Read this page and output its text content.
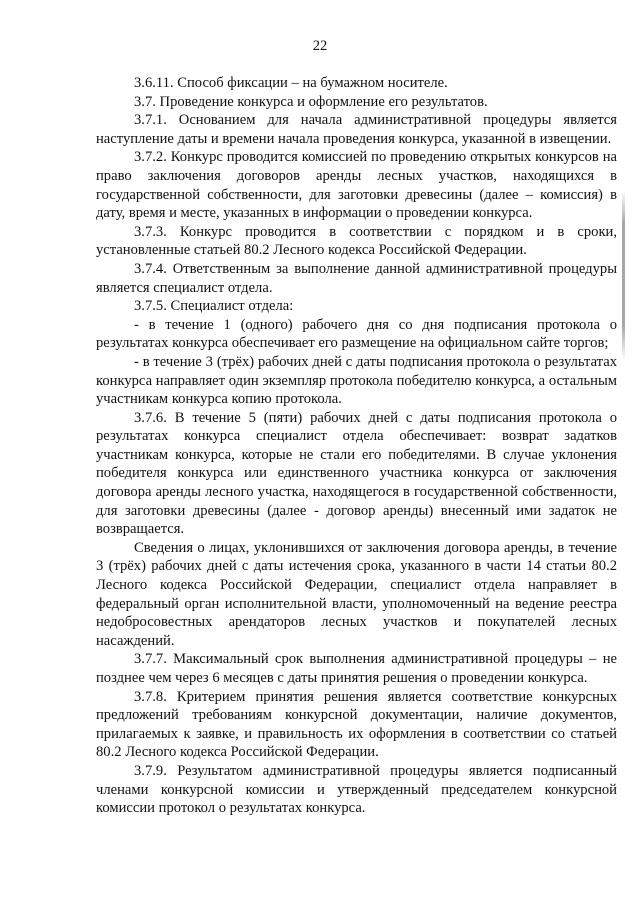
22

3.6.11. Способ фиксации – на бумажном носителе.

3.7. Проведение конкурса и оформление его результатов.

3.7.1. Основанием для начала административной процедуры является наступление даты и времени начала проведения конкурса, указанной в извещении.

3.7.2. Конкурс проводится комиссией по проведению открытых конкурсов на право заключения договоров аренды лесных участков, находящихся в государственной собственности, для заготовки древесины (далее – комиссия) в дату, время и месте, указанных в информации о проведении конкурса.

3.7.3. Конкурс проводится в соответствии с порядком и в сроки, установленные статьей 80.2 Лесного кодекса Российской Федерации.

3.7.4. Ответственным за выполнение данной административной процедуры является специалист отдела.

3.7.5. Специалист отдела:

- в течение 1 (одного) рабочего дня со дня подписания протокола о результатах конкурса обеспечивает его размещение на официальном сайте торгов;

- в течение 3 (трёх) рабочих дней с даты подписания протокола о результатах конкурса направляет один экземпляр протокола победителю конкурса, а остальным участникам конкурса копию протокола.

3.7.6. В течение 5 (пяти) рабочих дней с даты подписания протокола о результатах конкурса специалист отдела обеспечивает: возврат задатков участникам конкурса, которые не стали его победителями. В случае уклонения победителя конкурса или единственного участника конкурса от заключения договора аренды лесного участка, находящегося в государственной собственности, для заготовки древесины (далее - договор аренды) внесенный ими задаток не возвращается.

Сведения о лицах, уклонившихся от заключения договора аренды, в течение 3 (трёх) рабочих дней с даты истечения срока, указанного в части 14 статьи 80.2 Лесного кодекса Российской Федерации, специалист отдела направляет в федеральный орган исполнительной власти, уполномоченный на ведение реестра недобросовестных арендаторов лесных участков и покупателей лесных насаждений.

3.7.7. Максимальный срок выполнения административной процедуры – не позднее чем через 6 месяцев с даты принятия решения о проведении конкурса.

3.7.8. Критерием принятия решения является соответствие конкурсных предложений требованиям конкурсной документации, наличие документов, прилагаемых к заявке, и правильность их оформления в соответствии со статьей 80.2 Лесного кодекса Российской Федерации.

3.7.9. Результатом административной процедуры является подписанный членами конкурсной комиссии и утвержденный председателем конкурсной комиссии протокол о результатах конкурса.
